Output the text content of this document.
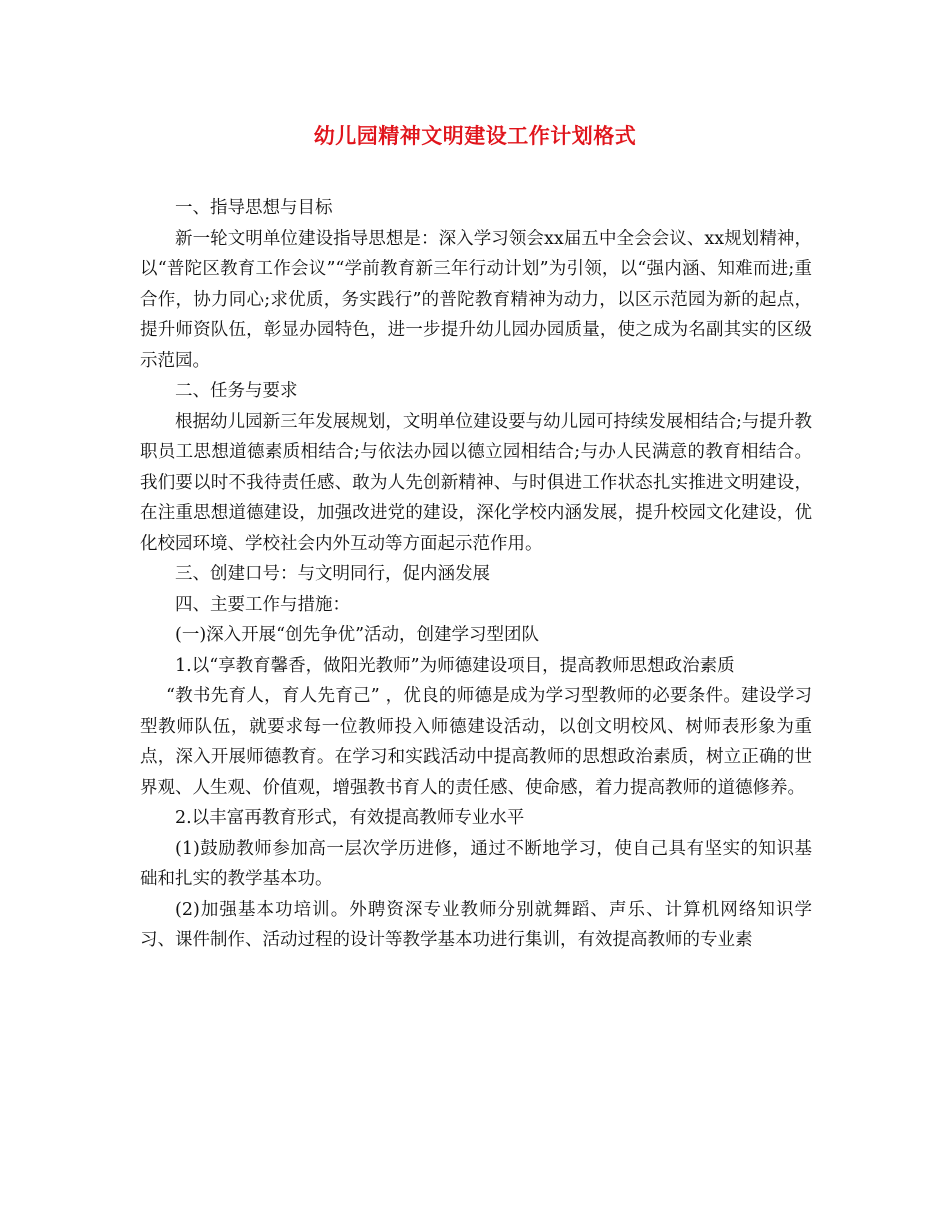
幼儿园精神文明建设工作计划格式

一、指导思想与目标

新一轮文明单位建设指导思想是：深入学习领会xx届五中全会会议、xx规划精神，以“普陀区教育工作会议”“学前教育新三年行动计划”为引领，以“强内涵、知难而进;重合作，协力同心;求优质，务实践行”的普陀教育精神为动力，以区示范园为新的起点，提升师资队伍，彰显办园特色，进一步提升幼儿园办园质量，使之成为名副其实的区级示范园。

二、任务与要求

根据幼儿园新三年发展规划，文明单位建设要与幼儿园可持续发展相结合;与提升教职员工思想道德素质相结合;与依法办园以德立园相结合;与办人民满意的教育相结合。我们要以时不我待责任感、敢为人先创新精神、与时俱进工作状态扎实推进文明建设，在注重思想道德建设，加强改进党的建设，深化学校内涵发展，提升校园文化建设，优化校园环境、学校社会内外互动等方面起示范作用。

三、创建口号：与文明同行，促内涵发展

四、主要工作与措施：

(一)深入开展“创先争优”活动，创建学习型团队

1.以“享教育馨香，做阳光教师”为师德建设项目，提高教师思想政治素质

“教书先育人，育人先育己” ，优良的师德是成为学习型教师的必要条件。建设学习型教师队伍，就要求每一位教师投入师德建设活动，以创文明校风、树师表形象为重点，深入开展师德教育。在学习和实践活动中提高教师的思想政治素质，树立正确的世界观、人生观、价值观，增强教书育人的责任感、使命感，着力提高教师的道德修养。

2.以丰富再教育形式，有效提高教师专业水平

(1)鼓励教师参加高一层次学历进修，通过不断地学习，使自己具有坚实的知识基础和扎实的教学基本功。

(2)加强基本功培训。外聘资深专业教师分别就舞蹈、声乐、计算机网络知识学习、课件制作、活动过程的设计等教学基本功进行集训，有效提高教师的专业素
